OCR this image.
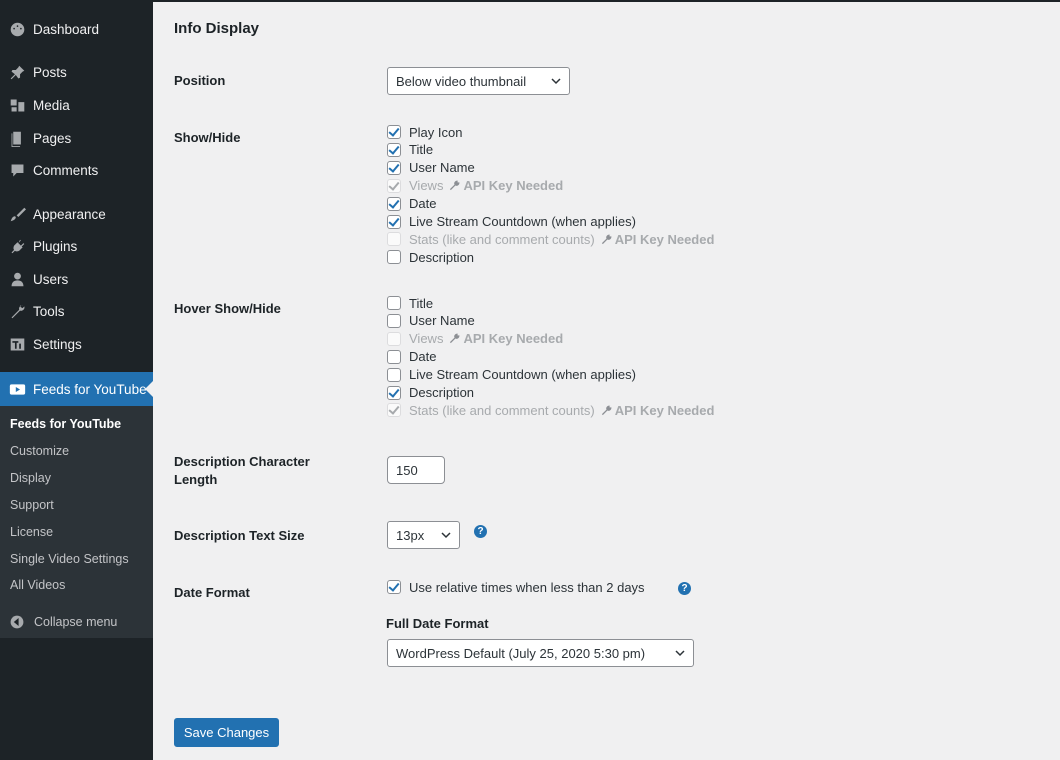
Dashboard
Posts
Media
Pages
Comments
Appearance
Plugins
Users
Tools
Settings
Feeds for YouTube
Feeds for YouTube
Customize
Display
Support
License
Single Video Settings
All Videos
Collapse menu
Info Display
Position	Below video thumbnail
Show/Hide	Play Icon
Title
User Name
Views API Key Needed
Date
Live Stream Countdown (when applies)
Stats (like and comment counts) API Key Needed
Description
Hover Show/Hide	Title
User Name
Views API Key Needed
Date
Live Stream Countdown (when applies)
Description
Stats (like and comment counts) API Key Needed
Description Character
Length
150
Description Text Size	13px	?
Date Format	Use relative times when less than 2 days	?
Full Date Format
WordPress Default (July 25, 2020 5:30 pm)
Save Changes
